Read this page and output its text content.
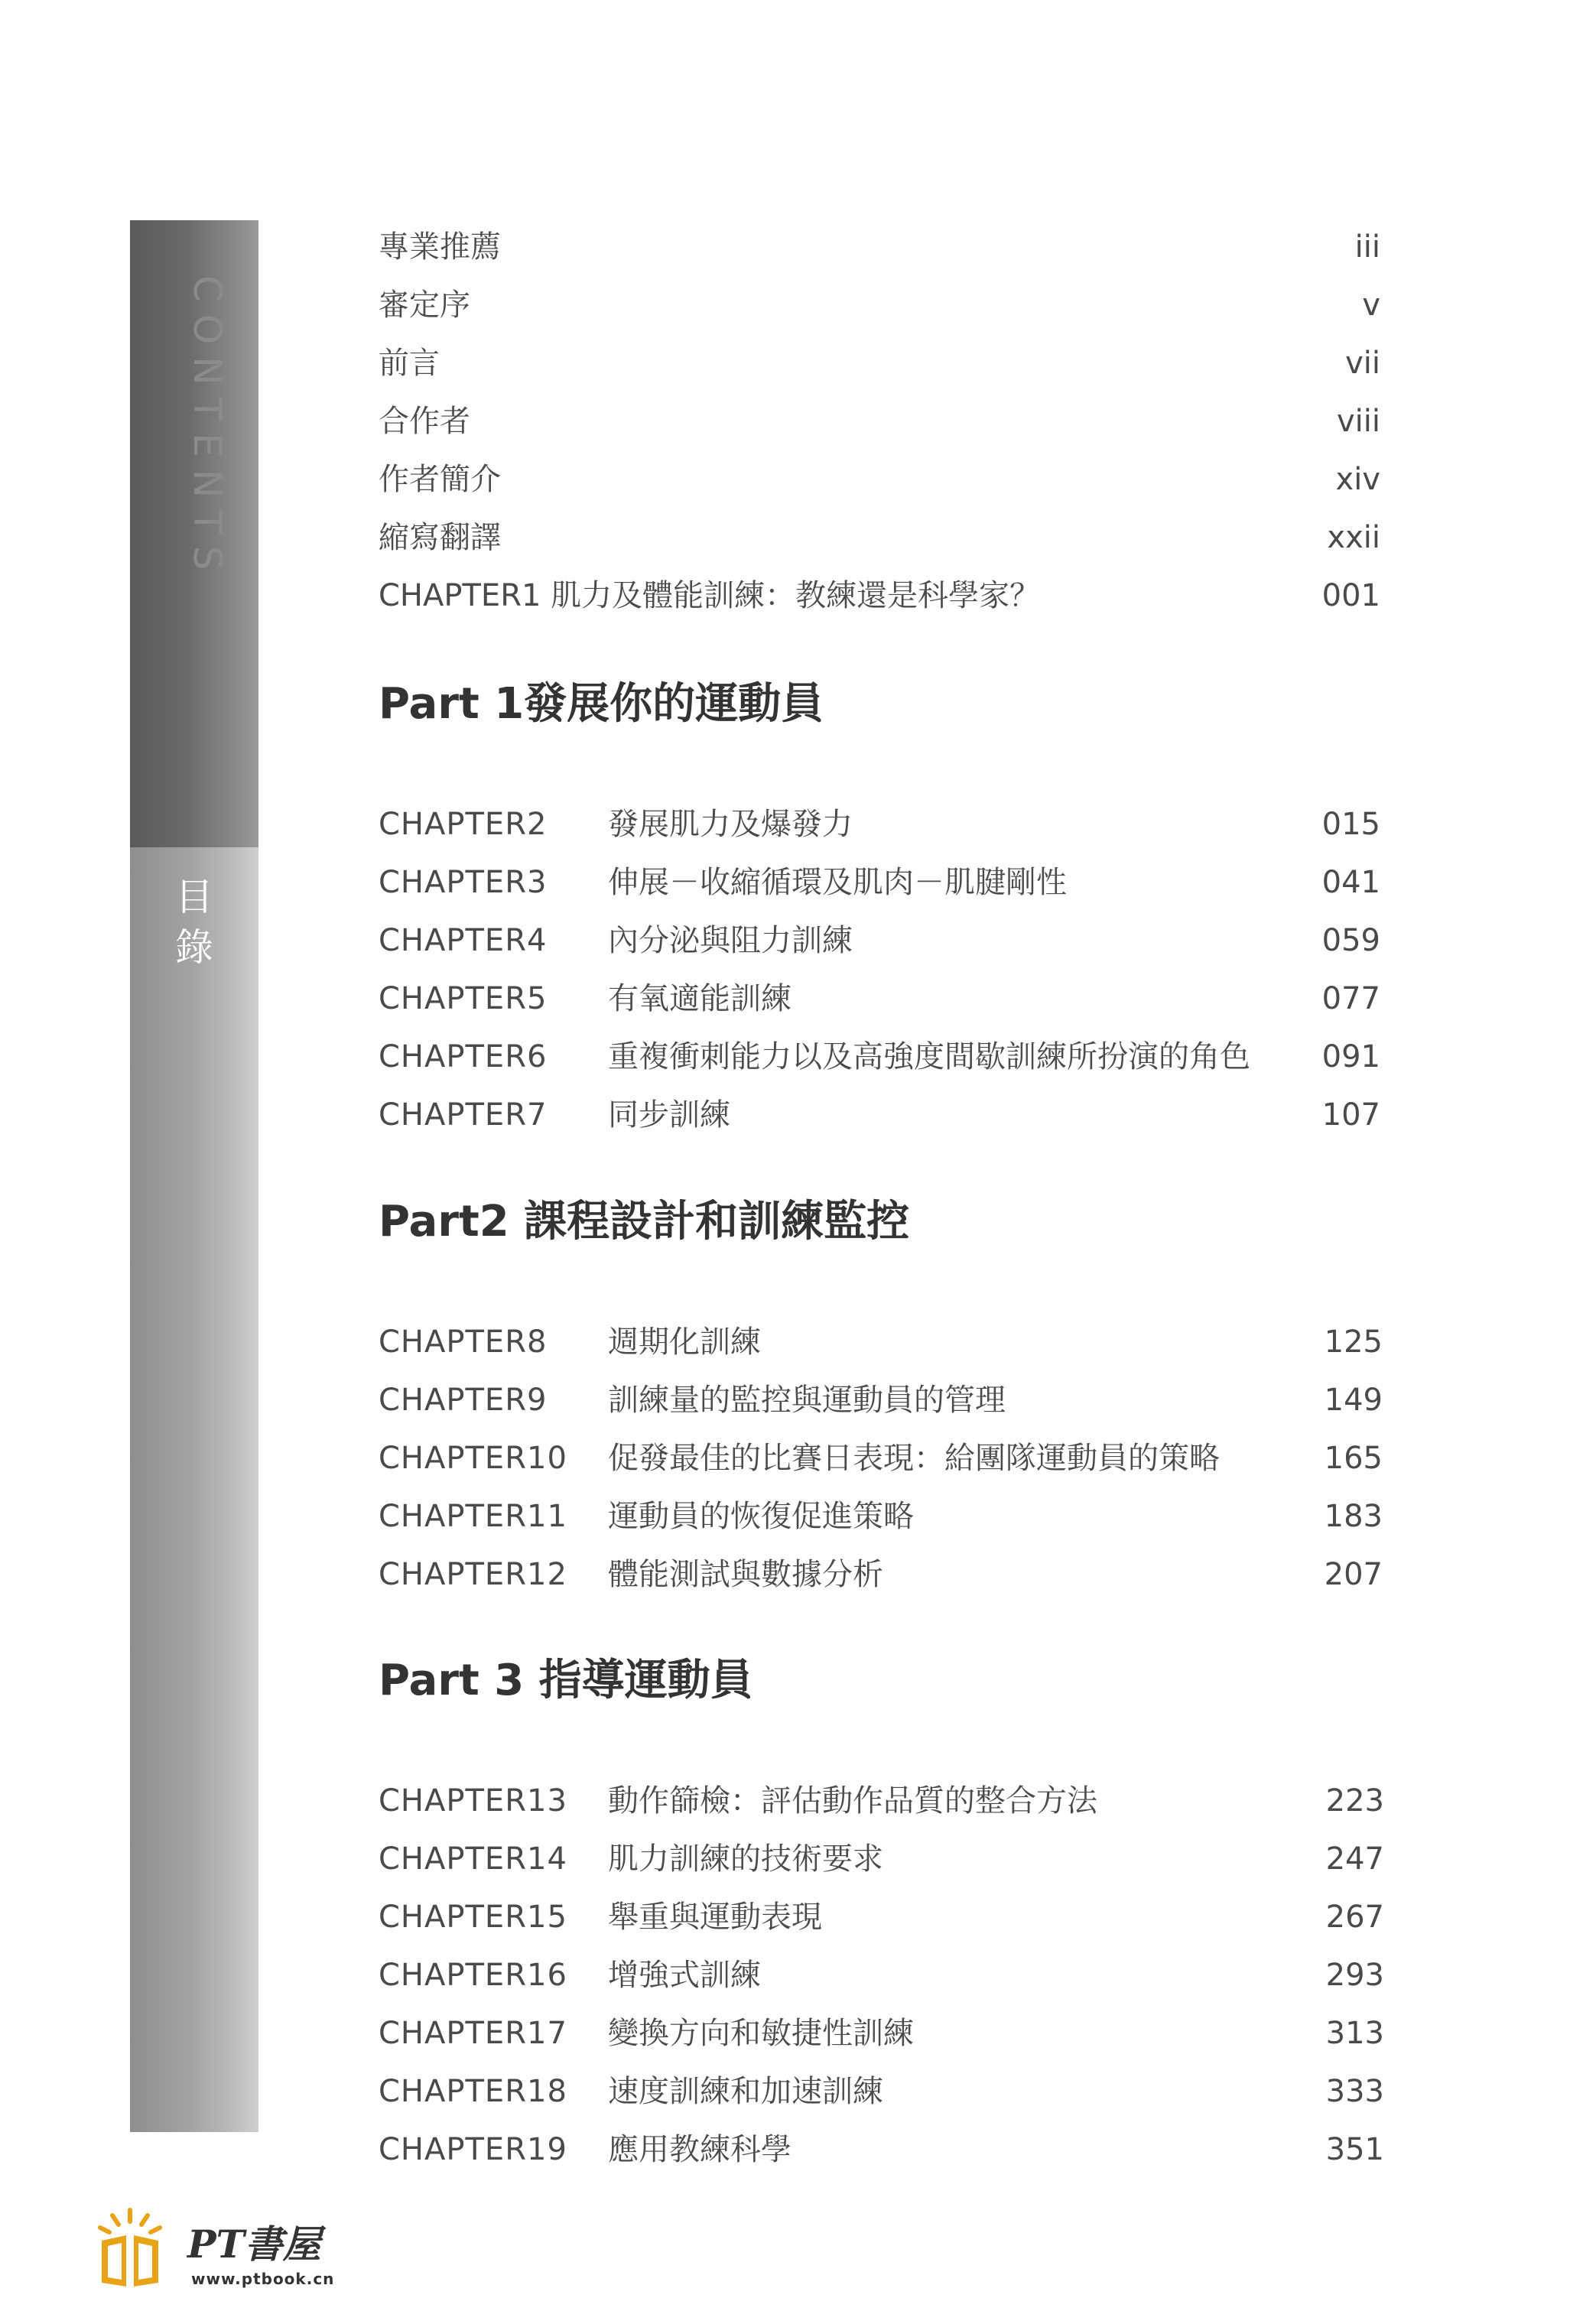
CONTENTS
目錄
專業推薦	iii
審定序	v
前言	vii
合作者	viii
作者簡介	xiv
縮寫翻譯	xxii
CHAPTER1 肌力及體能訓練：教練還是科學家？	001
Part 1發展你的運動員
CHAPTER2 發展肌力及爆發力	015
CHAPTER3 伸展－收縮循環及肌肉－肌腱剛性	041
CHAPTER4 內分泌與阻力訓練	059
CHAPTER5 有氧適能訓練	077
CHAPTER6 重複衝刺能力以及高強度間歇訓練所扮演的角色	091
CHAPTER7 同步訓練	107
Part2 課程設計和訓練監控
CHAPTER8 週期化訓練	125
CHAPTER9 訓練量的監控與運動員的管理	149
CHAPTER10 促發最佳的比賽日表現：給團隊運動員的策略	165
CHAPTER11 運動員的恢復促進策略	183
CHAPTER12 體能測試與數據分析	207
Part 3 指導運動員
CHAPTER13 動作篩檢：評估動作品質的整合方法	223
CHAPTER14 肌力訓練的技術要求	247
CHAPTER15 舉重與運動表現	267
CHAPTER16 增強式訓練	293
CHAPTER17 變換方向和敏捷性訓練	313
CHAPTER18 速度訓練和加速訓練	333
CHAPTER19 應用教練科學	351
PT書屋
www.ptbook.cn
